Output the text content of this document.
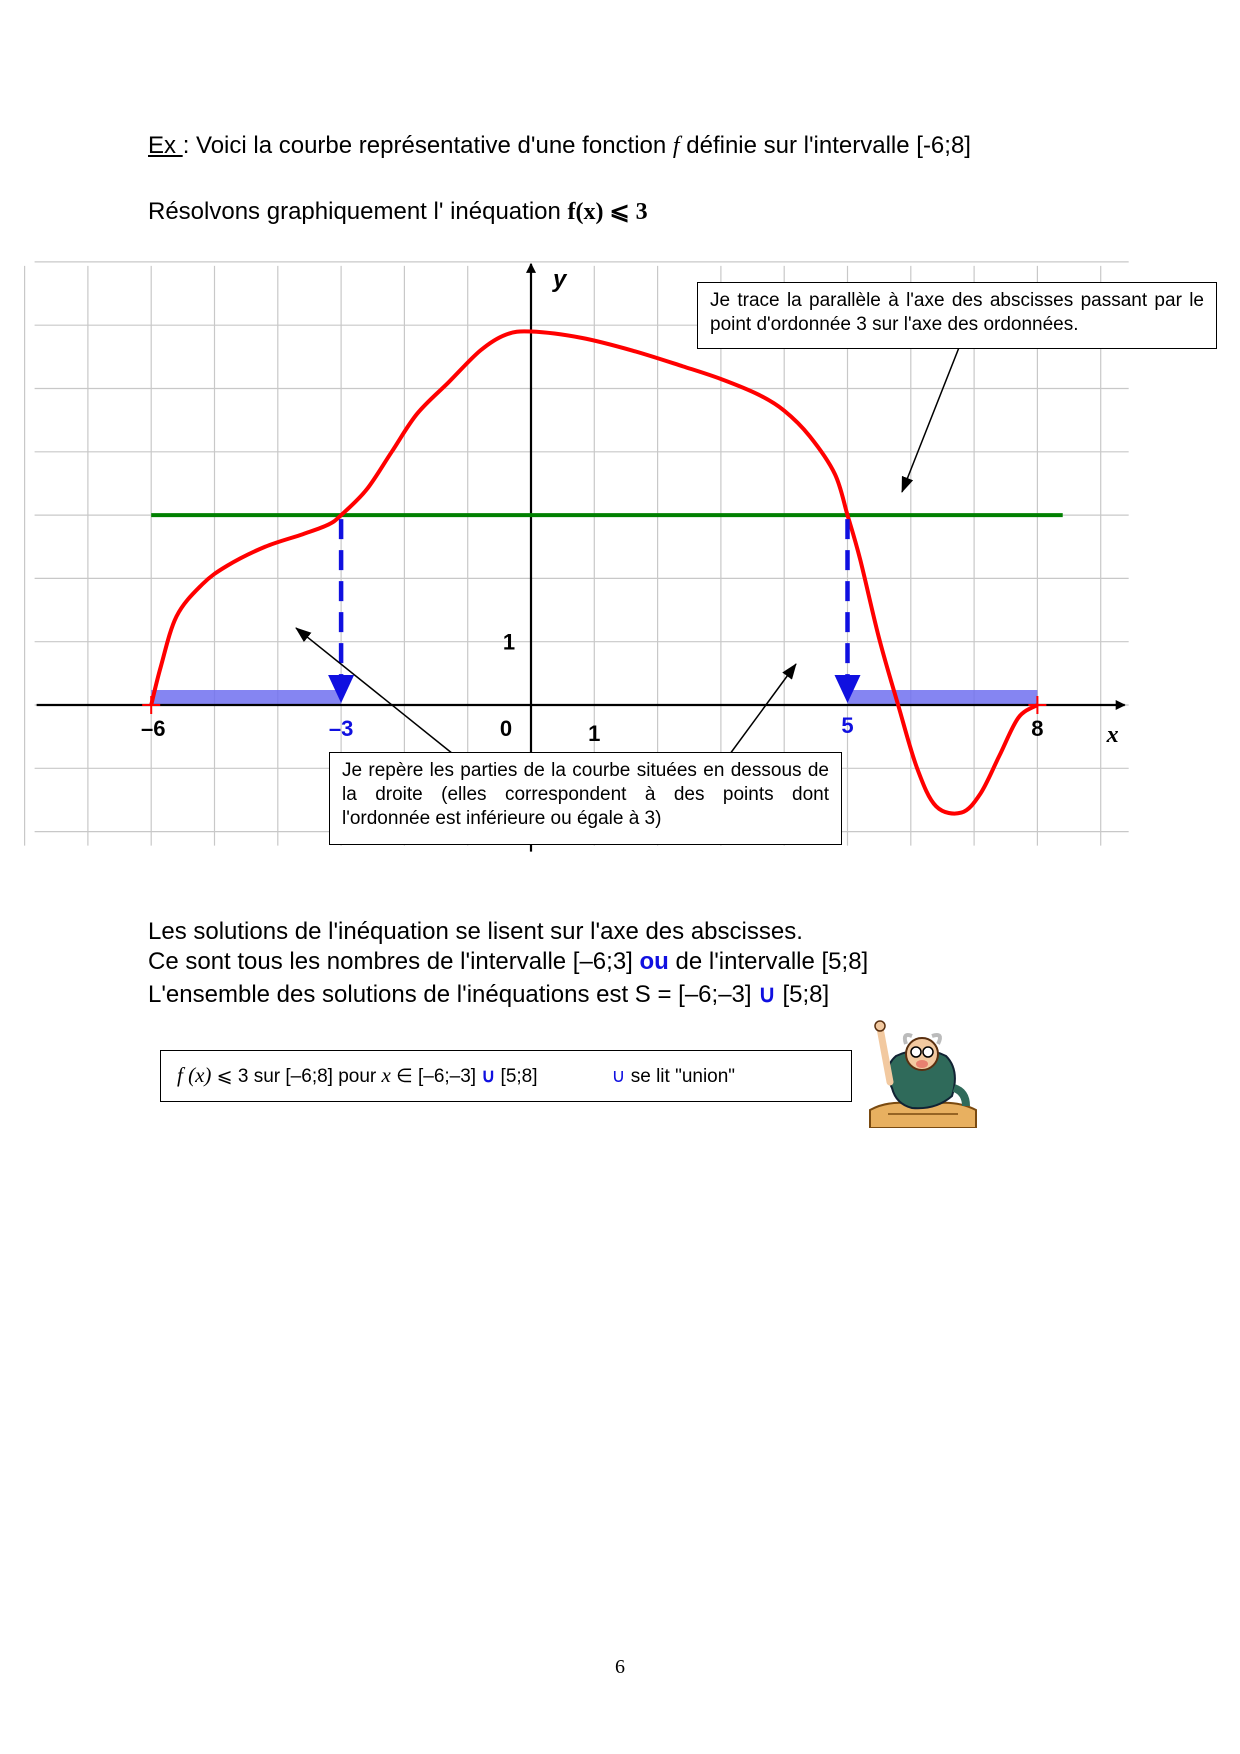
Ex : Voici la courbe représentative d'une fonction f définie sur l'intervalle [-6;8]
Résolvons graphiquement l' inéquation f(x) ⩽ 3
x
y
–6	–3	0	1	5	8
1
Je trace la parallèle à l'axe des abscisses passant par le point d'ordonnée 3 sur l'axe des ordonnées.
Je repère les parties de la courbe situées en dessous de la droite (elles correspondent à des points dont l'ordonnée est inférieure ou égale à 3)
Les solutions de l'inéquation se lisent sur l'axe des abscisses.
Ce sont tous les nombres de l'intervalle [–6;3] ou de l'intervalle [5;8]
L'ensemble des solutions de l'inéquations est S = [–6;–3] ∪ [5;8]
f (x) ⩽ 3 sur [–6;8] pour x ∈ [–6;–3] ∪ [5;8]	∪ se lit "union"
6
